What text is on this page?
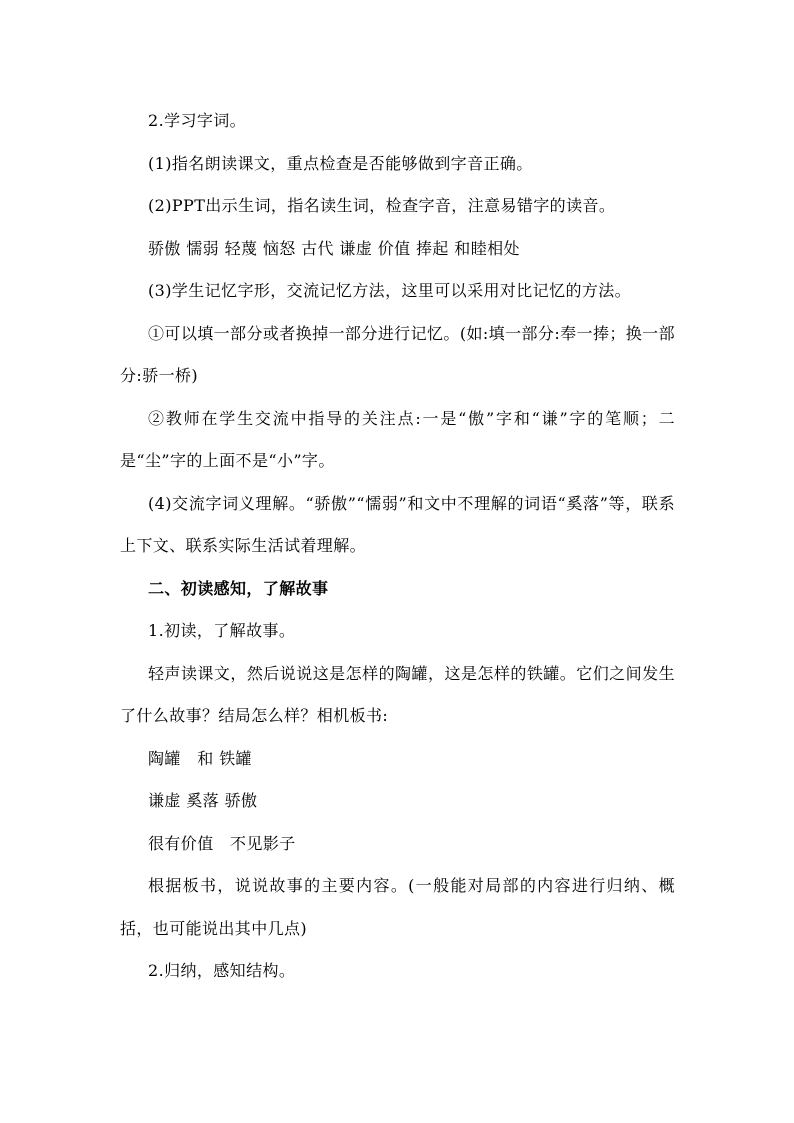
2.学习字词。

(1)指名朗读课文，重点检查是否能够做到字音正确。

(2)PPT出示生词，指名读生词，检查字音，注意易错字的读音。

骄傲 懦弱 轻蔑 恼怒 古代 谦虚 价值 捧起 和睦相处

(3)学生记忆字形，交流记忆方法，这里可以采用对比记忆的方法。

①可以填一部分或者换掉一部分进行记忆。(如:填一部分:奉一捧；换一部分:骄一桥)

②教师在学生交流中指导的关注点:一是“傲”字和“谦”字的笔顺；二是“尘”字的上面不是“小”字。

(4)交流字词义理解。“骄傲”“懦弱”和文中不理解的词语“奚落”等，联系上下文、联系实际生活试着理解。

二、初读感知，了解故事

1.初读，了解故事。

轻声读课文，然后说说这是怎样的陶罐，这是怎样的铁罐。它们之间发生了什么故事？结局怎么样？相机板书:

陶罐   和 铁罐

谦虚 奚落 骄傲

很有价值   不见影子

根据板书，说说故事的主要内容。(一般能对局部的内容进行归纳、概括，也可能说出其中几点)

2.归纳，感知结构。
